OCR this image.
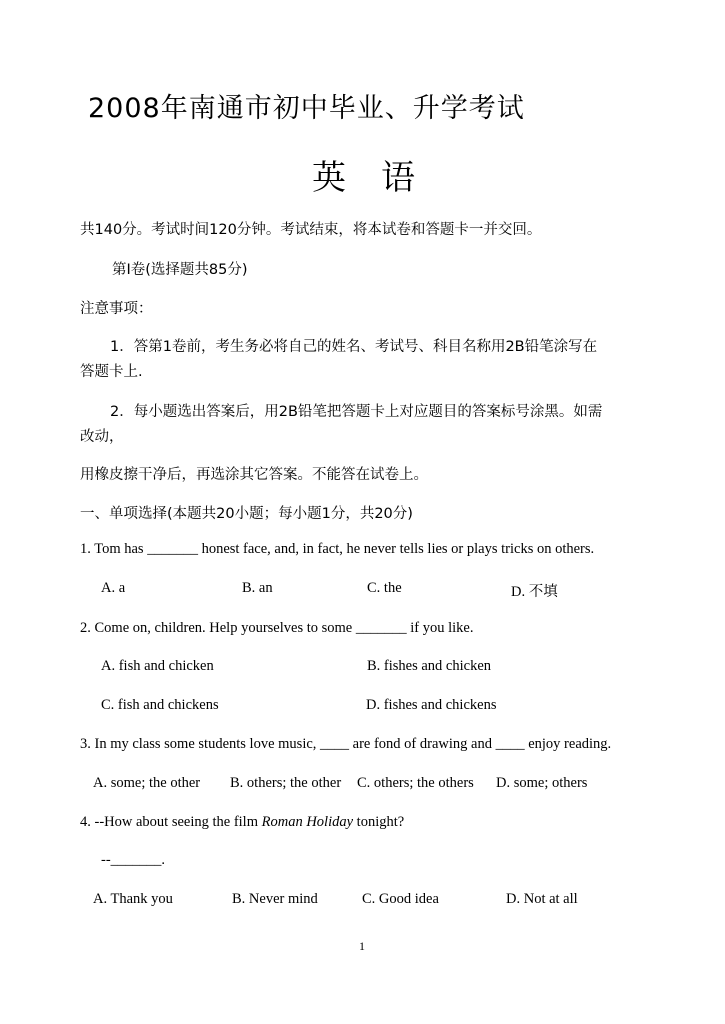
2008年南通市初中毕业、升学考试
英 语
共140分。考试时间120分钟。考试结束，将本试卷和答题卡一并交回。
第Ⅰ卷(选择题共85分)
注意事项：
1．答第1卷前，考生务必将自己的姓名、考试号、科目名称用2B铅笔涂写在
答题卡上.
2．每小题选出答案后，用2B铅笔把答题卡上对应题目的答案标号涂黑。如需
改动，
用橡皮擦干净后，再选涂其它答案。不能答在试卷上。
一、单项选择(本题共20小题；每小题1分，共20分)
1. Tom has _______ honest face, and, in fact, he never tells lies or plays tricks on others.
A. a	B. an	C. the	D. 不填
2. Come on, children. Help yourselves to some _______ if you like.
A. fish and chicken	B. fishes and chicken
C. fish and chickens	D. fishes and chickens
3. In my class some students love music, ____ are fond of drawing and ____ enjoy reading.
A. some; the other B. others; the other C. others; the others D. some; others
4. --How about seeing the film Roman Holiday tonight?
--_______.
A. Thank you	B. Never mind	C. Good idea	D. Not at all
1
